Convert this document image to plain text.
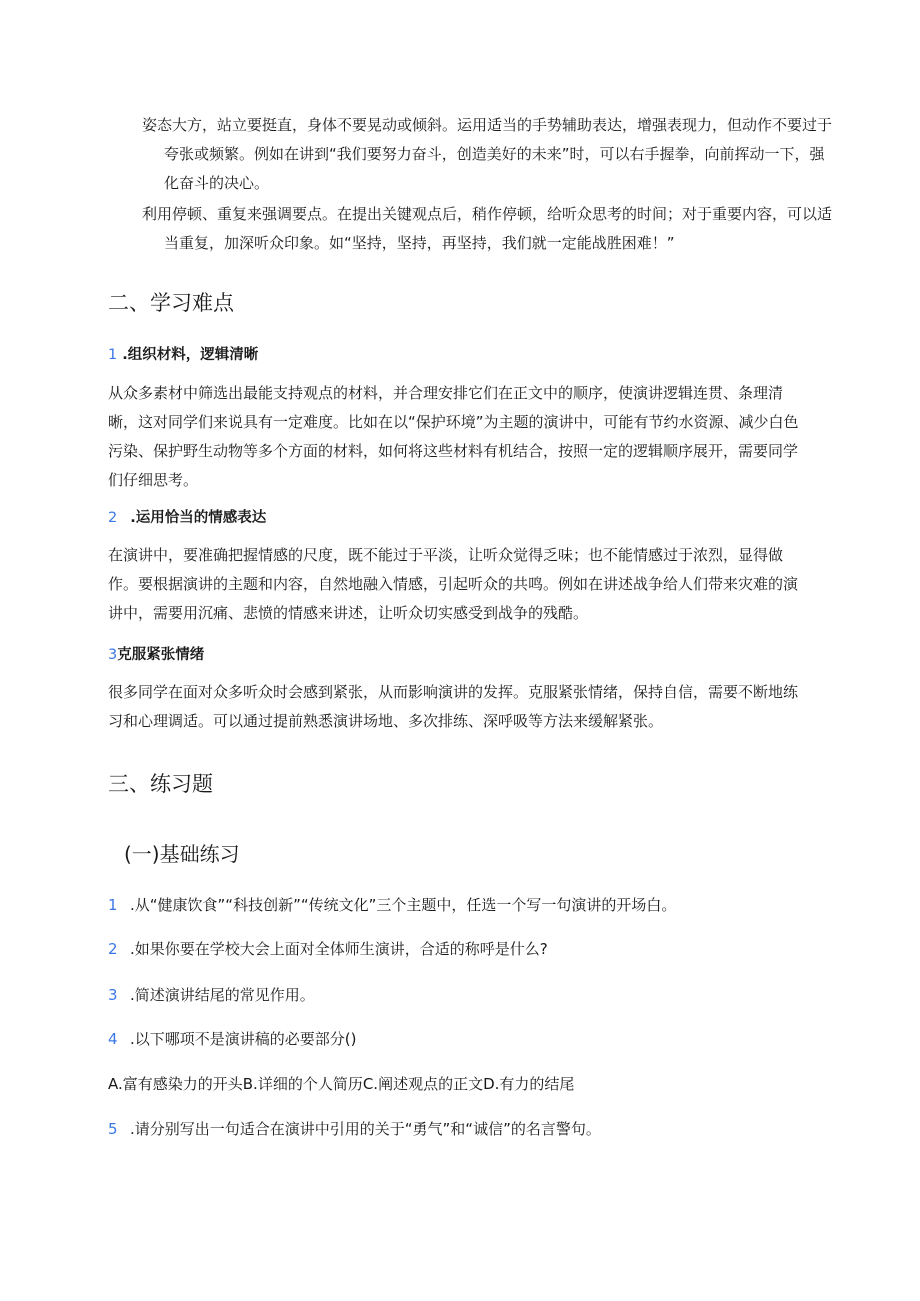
姿态大方，站立要挺直，身体不要晃动或倾斜。运用适当的手势辅助表达，增强表现力，但动作不要过于夸张或频繁。例如在讲到“我们要努力奋斗，创造美好的未来”时，可以右手握拳，向前挥动一下，强化奋斗的决心。

利用停顿、重复来强调要点。在提出关键观点后，稍作停顿，给听众思考的时间；对于重要内容，可以适当重复，加深听众印象。如“坚持，坚持，再坚持，我们就一定能战胜困难！”

二、学习难点
1 .组织材料，逻辑清晰

从众多素材中筛选出最能支持观点的材料，并合理安排它们在正文中的顺序，使演讲逻辑连贯、条理清晰，这对同学们来说具有一定难度。比如在以“保护环境”为主题的演讲中，可能有节约水资源、减少白色污染、保护野生动物等多个方面的材料，如何将这些材料有机结合，按照一定的逻辑顺序展开，需要同学们仔细思考。

2 .运用恰当的情感表达

在演讲中，要准确把握情感的尺度，既不能过于平淡，让听众觉得乏味；也不能情感过于浓烈，显得做作。要根据演讲的主题和内容，自然地融入情感，引起听众的共鸣。例如在讲述战争给人们带来灾难的演讲中，需要用沉痛、悲愤的情感来讲述，让听众切实感受到战争的残酷。

3克服紧张情绪

很多同学在面对众多听众时会感到紧张，从而影响演讲的发挥。克服紧张情绪，保持自信，需要不断地练习和心理调适。可以通过提前熟悉演讲场地、多次排练、深呼吸等方法来缓解紧张。

三、练习题
(一)基础练习
1 .从“健康饮食”“科技创新”“传统文化”三个主题中，任选一个写一句演讲的开场白。
2 .如果你要在学校大会上面对全体师生演讲，合适的称呼是什么?
3 .简述演讲结尾的常见作用。
4 .以下哪项不是演讲稿的必要部分()
A.富有感染力的开头B.详细的个人简历C.阐述观点的正文D.有力的结尾
5 .请分别写出一句适合在演讲中引用的关于“勇气”和“诚信”的名言警句。
